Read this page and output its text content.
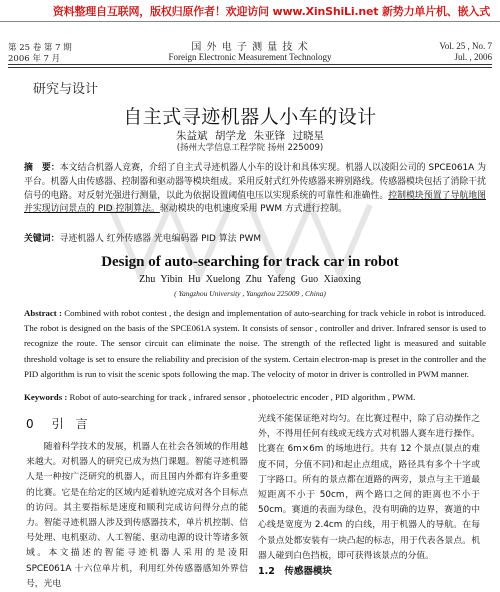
资料整理自互联网，版权归原作者！欢迎访问 www.XinShiLi.net 新势力单片机、嵌入式
第 25 卷 第 7 期
2006 年 7 月
国 外 电 子 测 量 技 术
Foreign Electronic Measurement Technology
Vol. 25 , No. 7
Jul. , 2006
研究与设计
自主式寻迹机器人小车的设计
朱益斌 胡学龙 朱亚锋 过晓星
(扬州大学信息工程学院 扬州 225009)
摘　要：本文结合机器人竞赛，介绍了自主式寻迹机器人小车的设计和具体实现。机器人以凌阳公司的 SPCE061A 为平台。机器人由传感器、控制器和驱动器等模块组成。采用反射式红外传感器来辨别路线。传感器模块包括了消除干扰信号的电路。对反射光强进行测量，以此为依据设置阈值电压以实现系统的可靠性和准确性。控制模块预置了导航地图并实现访问景点的 PID 控制算法。驱动模块的电机速度采用 PWM 方式进行控制。
关键词：寻迹机器人 红外传感器 光电编码器 PID 算法 PWM
Design of auto-searching for track car in robot
Zhu Yibin Hu Xuelong Zhu Yafeng Guo Xiaoxing
( Yangzhou University , Yangzhou 225009 , China)
Abstract : Combined with robot contest , the design and implementation of auto-searching for track vehicle in robot is introduced. The robot is designed on the basis of the SPCE061A system. It consists of sensor , controller and driver. Infrared sensor is used to recognize the route. The sensor circuit can eliminate the noise. The strength of the reflected light is measured and suitable threshold voltage is set to ensure the reliability and precision of the system. Certain electron-map is preset in the controller and the PID algorithm is run to visit the scenic spots following the map. The velocity of motor in driver is controlled in PWM manner.
Keywords : Robot of auto-searching for track , infrared sensor , photoelectric encoder , PID algorithm , PWM.
0 引　言

随着科学技术的发展，机器人在社会各领域的作用越来越大。对机器人的研究已成为热门课题。智能寻迹机器人是一种按广泛研究的机器人，而且国内外都有许多重要的比赛。它是在给定的区域内延着轨迹完成对各个目标点的访问。其主要指标是速度和顺利完成访问得分点的能力。智能寻迹机器人涉及到传感器技术，单片机控制、信号处理、电机驱动、人工智能、驱动电源的设计等诸多领域。本文描述的智能寻迹机器人采用的是凌阳 SPCE061A 十六位单片机，利用红外传感器感知外界信号，光电

光线不能保证绝对均匀。在比赛过程中，除了启动操作之外，不得用任何有线或无线方式对机器人赛车进行操作。比赛在 6m×6m 的场地进行。共有 12 个景点(景点的难度不同，分值不同)和起止点组成，路径具有多个十字或丁字路口。所有的景点都在道路的两旁，景点与主干道最短距离不小于 50cm，两个路口之间的距离也不小于 50cm。赛道的表面为绿色，没有明确的边界，赛道的中心线是宽度为 2.4cm 的白线，用于机器人的导航。在每个景点处都安装有一块凸起的标志，用于代表各景点。机器人碰到白色挡板，即可获得该景点的分值。

1.2　传感器模块
